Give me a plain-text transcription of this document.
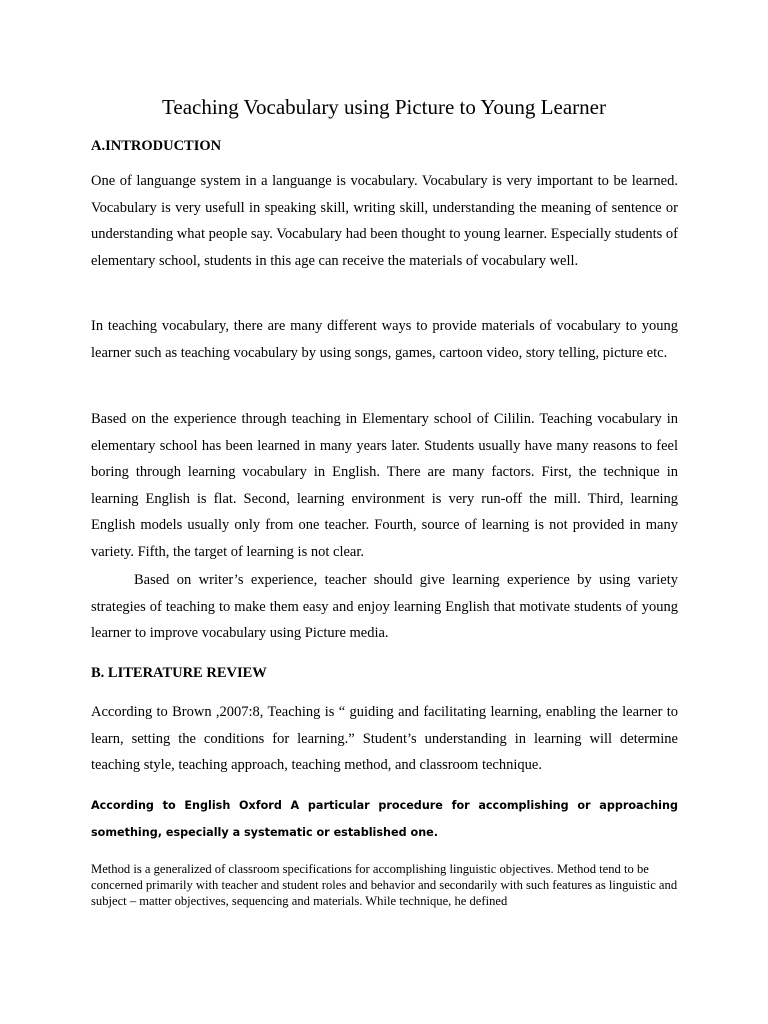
Teaching Vocabulary using Picture to Young Learner
A.INTRODUCTION

One of languange system in a languange is vocabulary. Vocabulary is very important to be learned. Vocabulary is very usefull in speaking skill, writing skill, understanding the meaning of sentence or understanding what people say. Vocabulary had been thought to young learner. Especially students of elementary school, students in this age can receive the materials of vocabulary well.

In teaching vocabulary, there are many different ways to provide materials of vocabulary to young learner such as teaching vocabulary by using songs, games, cartoon video, story telling, picture etc.

Based on the experience through teaching in Elementary school of Cililin. Teaching vocabulary in elementary school has been learned in many years later. Students usually have many reasons to feel boring through learning vocabulary in English. There are many factors. First, the technique in learning English is flat. Second, learning environment is very run-off the mill. Third, learning English models usually only from one teacher. Fourth, source of learning is not provided in many variety. Fifth, the target of learning is not clear.

Based on writer’s experience, teacher should give learning experience by using variety strategies of teaching to make them easy and enjoy learning English that motivate students of young learner to improve vocabulary using Picture media.

B. LITERATURE REVIEW

According to Brown ,2007:8, Teaching is “ guiding and facilitating learning, enabling the learner to learn, setting the conditions for learning.” Student’s understanding in learning will determine teaching style, teaching approach, teaching method, and classroom technique.

According to English Oxford A particular procedure for accomplishing or approaching something, especially a systematic or established one.

Method is a generalized of classroom specifications for accomplishing linguistic objectives. Method tend to be concerned primarily with teacher and student roles and behavior and secondarily with such features as linguistic and subject – matter objectives, sequencing and materials. While technique, he defined
